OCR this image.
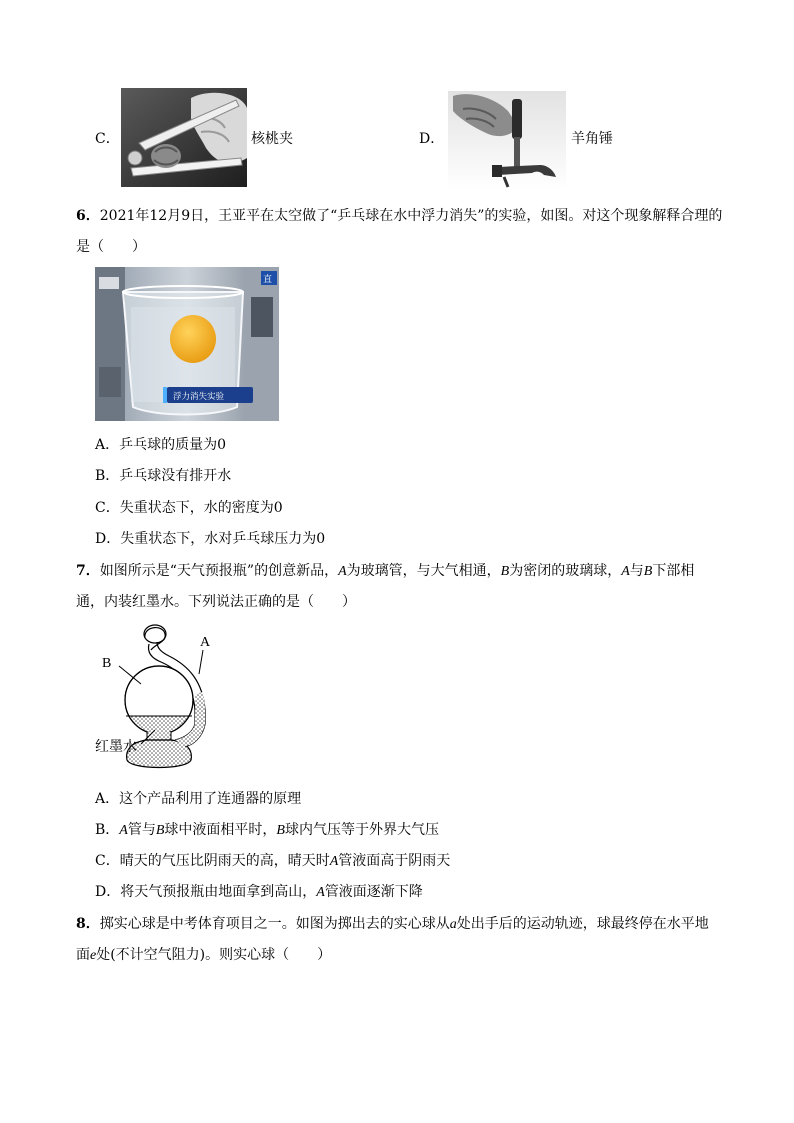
C．	核桃夹	D．	羊角锤
6．2021年12月9日，王亚平在太空做了“乒乓球在水中浮力消失”的实验，如图。对这个现象解释合理的
是（　　）
浮力消失实验
直
A．乒乓球的质量为0
B．乒乓球没有排开水
C．失重状态下，水的密度为0
D．失重状态下，水对乒乓球压力为0
7．如图所示是“天气预报瓶”的创意新品，A为玻璃管，与大气相通，B为密闭的玻璃球，A与B下部相
通，内装红墨水。下列说法正确的是（　　）
B
A
红墨水
A．这个产品利用了连通器的原理
B．A管与B球中液面相平时，B球内气压等于外界大气压
C．晴天的气压比阴雨天的高，晴天时A管液面高于阴雨天
D．将天气预报瓶由地面拿到高山，A管液面逐渐下降
8．掷实心球是中考体育项目之一。如图为掷出去的实心球从a处出手后的运动轨迹，球最终停在水平地
面e处(不计空气阻力)。则实心球（　　）
